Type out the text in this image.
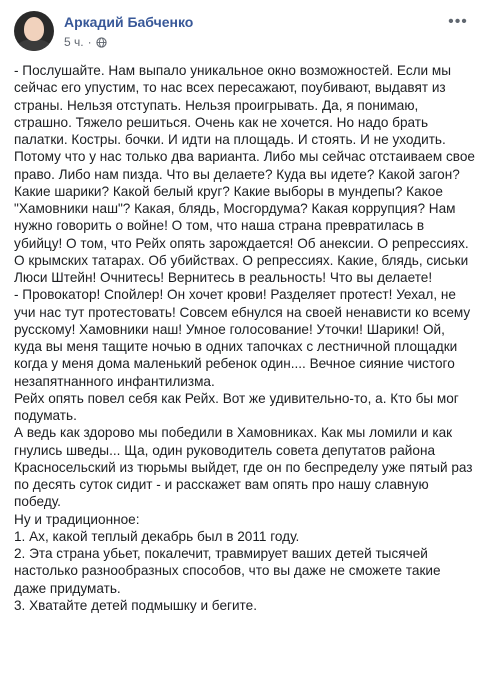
Аркадий Бабченко
5 ч. ·
•••

- Послушайте. Нам выпало уникальное окно возможностей. Если мы сейчас его упустим, то нас всех пересажают, поубивают, выдавят из страны. Нельзя отступать. Нельзя проигрывать. Да, я понимаю, страшно. Тяжело решиться. Очень как не хочется. Но надо брать палатки. Костры. бочки. И идти на площадь. И стоять. И не уходить. Потому что у нас только два варианта. Либо мы сейчас отстаиваем свое право. Либо нам пизда. Что вы делаете? Куда вы идете? Какой загон? Какие шарики? Какой белый круг? Какие выборы в мундепы? Какое "Хамовники наш"? Какая, блядь, Мосгордума? Какая коррупция? Нам нужно говорить о войне! О том, что наша страна превратилась в убийцу! О том, что Рейх опять зарождается! Об анексии. О репрессиях. О крымских татарах. Об убийствах. О репрессиях. Какие, блядь, сиськи Люси Штейн! Очнитесь! Вернитесь в реальность! Что вы делаете!
- Провокатор! Спойлер! Он хочет крови! Разделяет протест! Уехал, не учи нас тут протестовать! Совсем ебнулся на своей ненависти ко всему русскому! Хамовники наш! Умное голосование! Уточки! Шарики! Ой, куда вы меня тащите ночью в одних тапочках с лестничной площадки когда у меня дома маленький ребенок один.... Вечное сияние чистого незапятнанного инфантилизма.
Рейх опять повел себя как Рейх. Вот же удивительно-то, а. Кто бы мог подумать.
А ведь как здорово мы победили в Хамовниках. Как мы ломили и как гнулись шведы... Ща, один руководитель совета депутатов района Красносельский из тюрьмы выйдет, где он по беспределу уже пятый раз по десять суток сидит - и расскажет вам опять про нашу славную победу.
Ну и традиционное:
1. Ах, какой теплый декабрь был в 2011 году.
2. Эта страна убьет, покалечит, травмирует ваших детей тысячей настолько разнообразных способов, что вы даже не сможете такие даже придумать.
3. Хватайте детей подмышку и бегите.
